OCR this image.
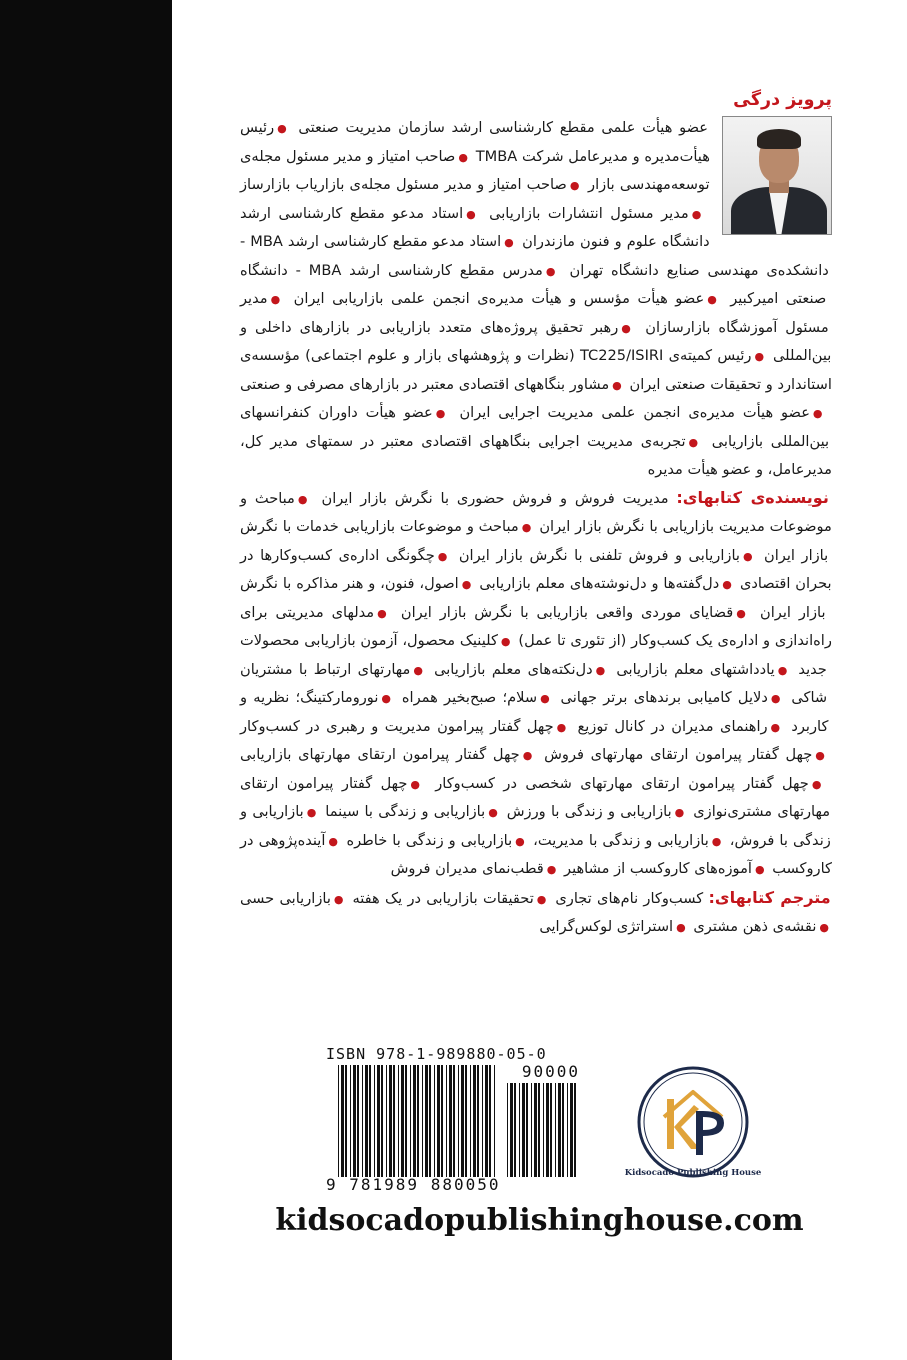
پرویز درگی

عضو هیأت علمی مقطع کارشناسی ارشد سازمان مدیریت صنعتی ●رئیس هیأت‌مدیره و مدیرعامل شرکت TMBA ●صاحب امتیاز و مدیر مسئول مجله‌ی توسعه‌مهندسی بازار ●صاحب امتیاز و مدیر مسئول مجله‌ی بازاریاب بازارساز ●مدیر مسئول انتشارات بازاریابی ●استاد مدعو مقطع کارشناسی ارشد دانشگاه علوم و فنون مازندران ●استاد مدعو مقطع کارشناسی ارشد MBA - دانشکده‌ی مهندسی صنایع دانشگاه تهران ●مدرس مقطع کارشناسی ارشد MBA - دانشگاه صنعتی امیرکبیر ●عضو هیأت مؤسس و هیأت مدیره‌ی انجمن علمی بازاریابی ایران ●مدیر مسئول آموزشگاه بازارسازان ●رهبر تحقیق پروژه‌های متعدد بازاریابی در بازارهای داخلی و بین‌المللی ●رئیس کمیته‌ی TC225/ISIRI (نظرات و پژوهشهای بازار و علوم اجتماعی) مؤسسه‌ی استاندارد و تحقیقات صنعتی ایران ●مشاور بنگاههای اقتصادی معتبر در بازارهای مصرفی و صنعتی ●عضو هیأت مدیره‌ی انجمن علمی مدیریت اجرایی ایران ●عضو هیأت داوران کنفرانسهای بین‌المللی بازاریابی ●تجربه‌ی مدیریت اجرایی بنگاههای اقتصادی معتبر در سمتهای مدیر کل، مدیرعامل، و عضو هیأت مدیره

نویسنده‌ی کتابهای: مدیریت فروش و فروش حضوری با نگرش بازار ایران ●مباحث و موضوعات مدیریت بازاریابی با نگرش بازار ایران ●مباحث و موضوعات بازاریابی خدمات با نگرش بازار ایران ●بازاریابی و فروش تلفنی با نگرش بازار ایران ●چگونگی اداره‌ی کسب‌وکارها در بحران اقتصادی ●دل‌گفته‌ها و دل‌نوشته‌های معلم بازاریابی ●اصول، فنون، و هنر مذاکره با نگرش بازار ایران ●قضایای موردی واقعی بازاریابی با نگرش بازار ایران ●مدلهای مدیریتی برای راه‌اندازی و اداره‌ی یک کسب‌وکار (از تئوری تا عمل) ●کلینیک محصول، آزمون بازاریابی محصولات جدید ●یادداشتهای معلم بازاریابی ●دل‌نکته‌های معلم بازاریابی ●مهارتهای ارتباط با مشتریان شاکی ●دلایل کامیابی برندهای برتر جهانی ●سلام؛ صبح‌بخیر همراه ●نورومارکتینگ؛ نظریه و کاربرد ●راهنمای مدیران در کانال توزیع ●چهل گفتار پیرامون مدیریت و رهبری در کسب‌وکار ●چهل گفتار پیرامون ارتقای مهارتهای فروش ●چهل گفتار پیرامون ارتقای مهارتهای بازاریابی ●چهل گفتار پیرامون ارتقای مهارتهای شخصی در کسب‌وکار ●چهل گفتار پیرامون ارتقای مهارتهای مشتری‌نوازی ●بازاریابی و زندگی با ورزش ●بازاریابی و زندگی با سینما ●بازاریابی و زندگی با فروش، ●بازاریابی و زندگی با مدیریت، ●بازاریابی و زندگی با خاطره ●آینده‌پژوهی در کاروکسب ●آموزه‌های کاروکسب از مشاهیر ●قطب‌نمای مدیران فروش

مترجم کتابهای: کسب‌وکار نام‌های تجاری ●تحقیقات بازاریابی در یک هفته ●بازاریابی حسی ●نقشه‌ی ذهن مشتری ●استراتژی لوکس‌گرایی

ISBN 978-1-989880-05-0
90000
9 781989 880050
Kidsocado Publishing House
kidsocadopublishinghouse.com
